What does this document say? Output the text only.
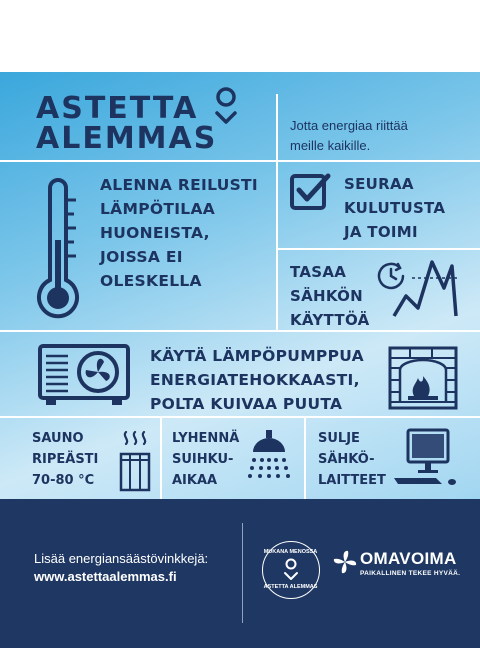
ASTETTA
ALEMMAS	Jotta energiaa riittää
meille kaikille.
ALENNA REILUSTI
LÄMPÖTILAA
HUONEISTA,
JOISSA EI
OLESKELLA
SEURAA
KULUTUSTA
JA TOIMI
TASAA
SÄHKÖN
KÄYTTÖÄ
KÄYTÄ LÄMPÖPUMPPUA
ENERGIATEHOKKAASTI,
POLTA KUIVAA PUUTA
SAUNO
RIPEÄSTI
70-80 °C
LYHENNÄ
SUIHKU-
AIKAA
SULJE
SÄHKÖ-
LAITTEET
Lisää energiansäästövinkkejä:
www.astettaalemmas.fi
MUKANA MENOSSA
ASTETTA ALEMMAS
OMAVOIMA
PAIKALLINEN TEKEE HYVÄÄ.
